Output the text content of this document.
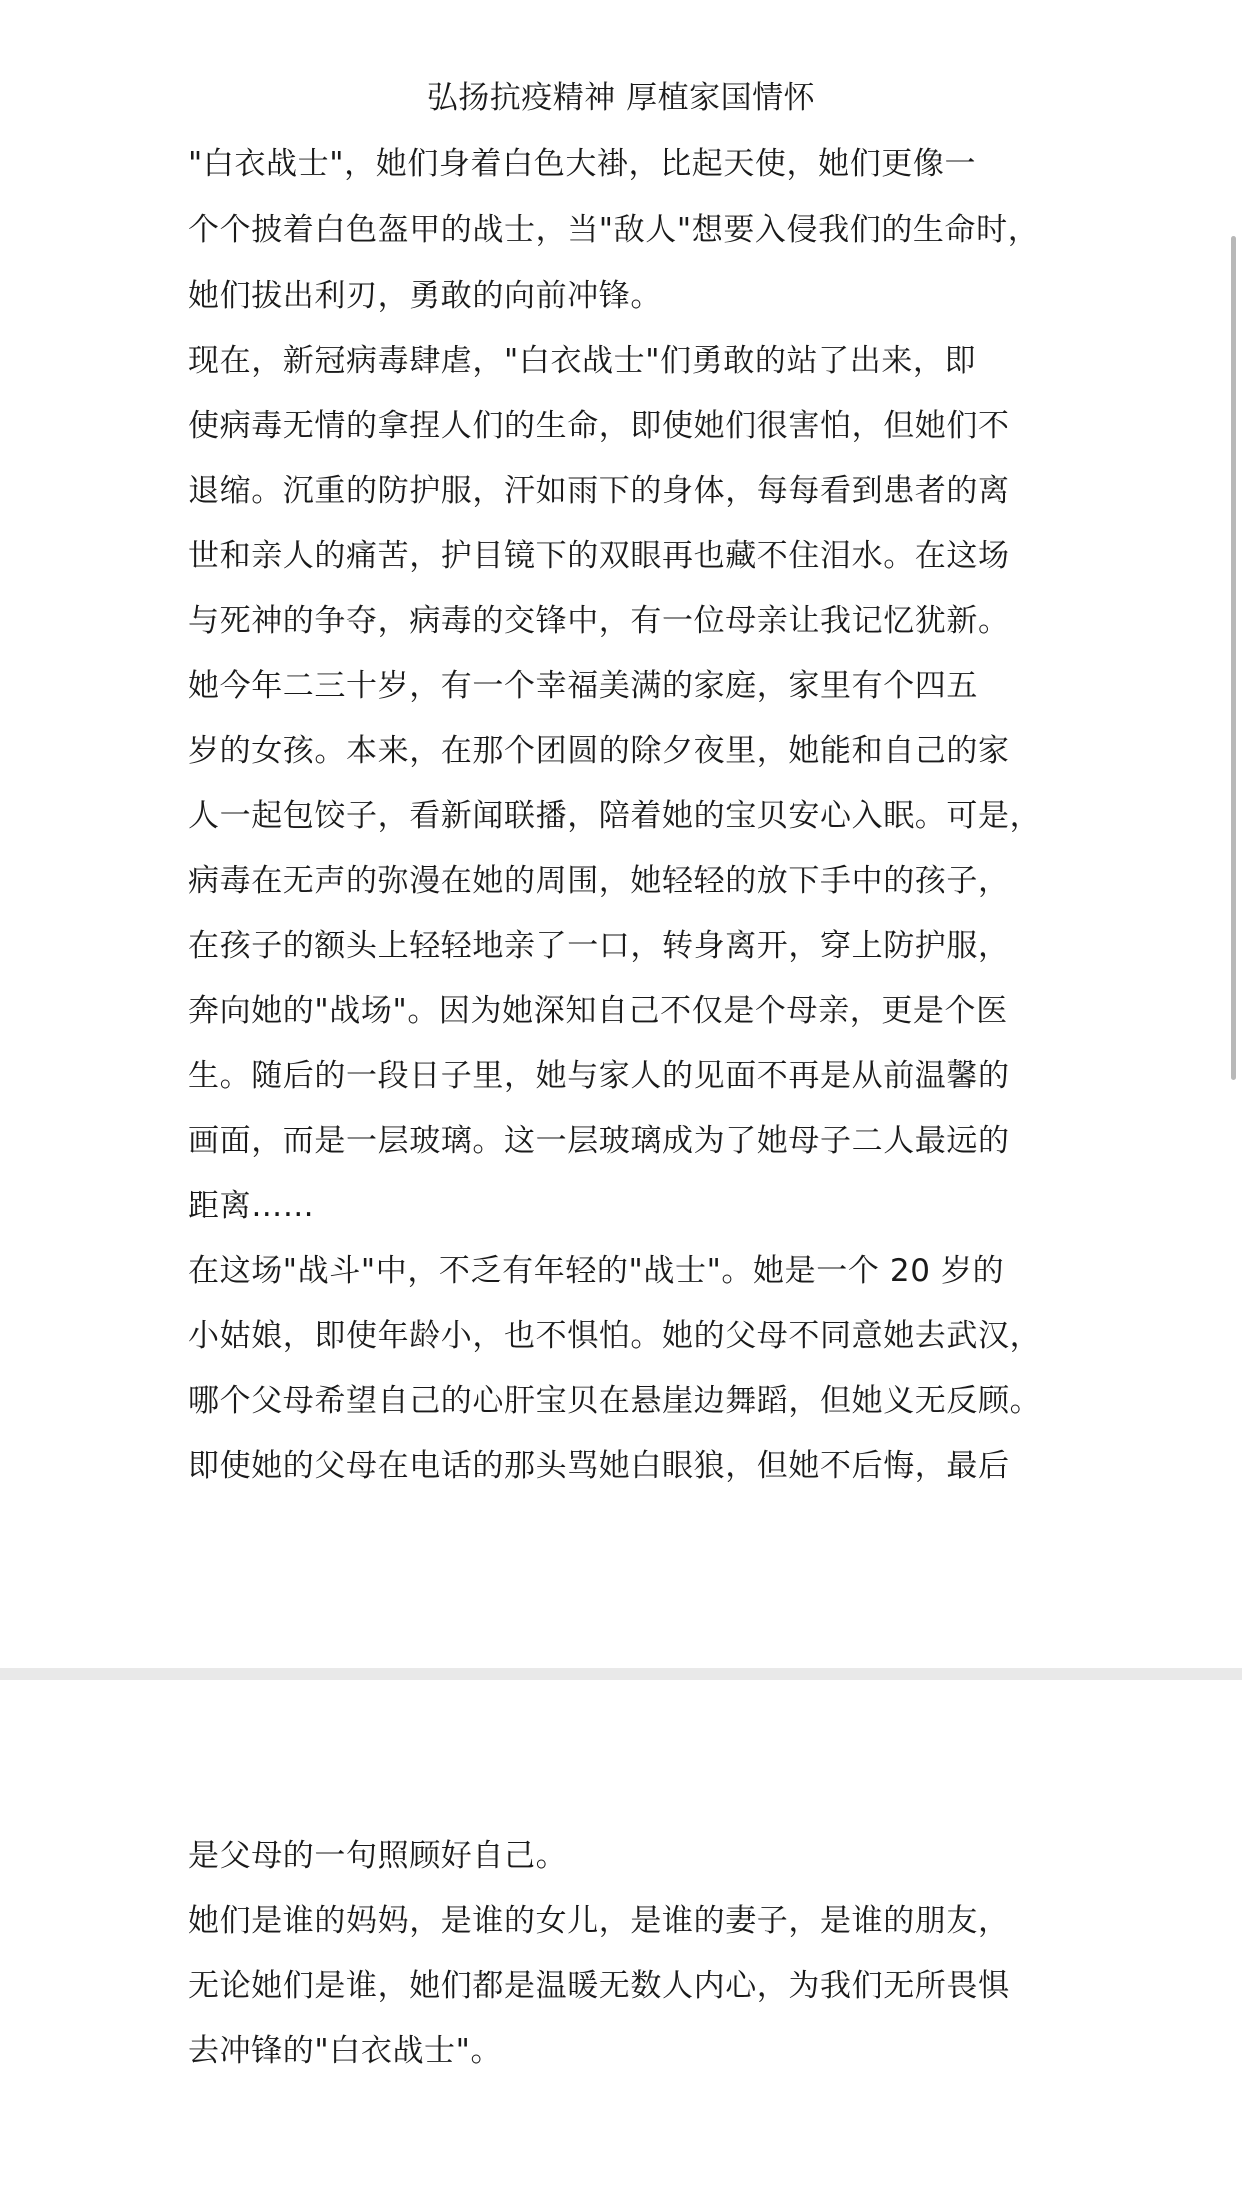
弘扬抗疫精神 厚植家国情怀

"白衣战士"，她们身着白色大褂，比起天使，她们更像一

个个披着白色盔甲的战士，当"敌人"想要入侵我们的生命时，

她们拔出利刃，勇敢的向前冲锋。

现在，新冠病毒肆虐，"白衣战士"们勇敢的站了出来，即

使病毒无情的拿捏人们的生命，即使她们很害怕，但她们不

退缩。沉重的防护服，汗如雨下的身体，每每看到患者的离

世和亲人的痛苦，护目镜下的双眼再也藏不住泪水。在这场

与死神的争夺，病毒的交锋中，有一位母亲让我记忆犹新。

她今年二三十岁，有一个幸福美满的家庭，家里有个四五

岁的女孩。本来，在那个团圆的除夕夜里，她能和自己的家

人一起包饺子，看新闻联播，陪着她的宝贝安心入眠。可是，

病毒在无声的弥漫在她的周围，她轻轻的放下手中的孩子，

在孩子的额头上轻轻地亲了一口，转身离开，穿上防护服，

奔向她的"战场"。因为她深知自己不仅是个母亲，更是个医

生。随后的一段日子里，她与家人的见面不再是从前温馨的

画面，而是一层玻璃。这一层玻璃成为了她母子二人最远的

距离……

在这场"战斗"中，不乏有年轻的"战士"。她是一个 20 岁的

小姑娘，即使年龄小，也不惧怕。她的父母不同意她去武汉，

哪个父母希望自己的心肝宝贝在悬崖边舞蹈，但她义无反顾。

即使她的父母在电话的那头骂她白眼狼，但她不后悔，最后

是父母的一句照顾好自己。

她们是谁的妈妈，是谁的女儿，是谁的妻子，是谁的朋友，

无论她们是谁，她们都是温暖无数人内心，为我们无所畏惧

去冲锋的"白衣战士"。
